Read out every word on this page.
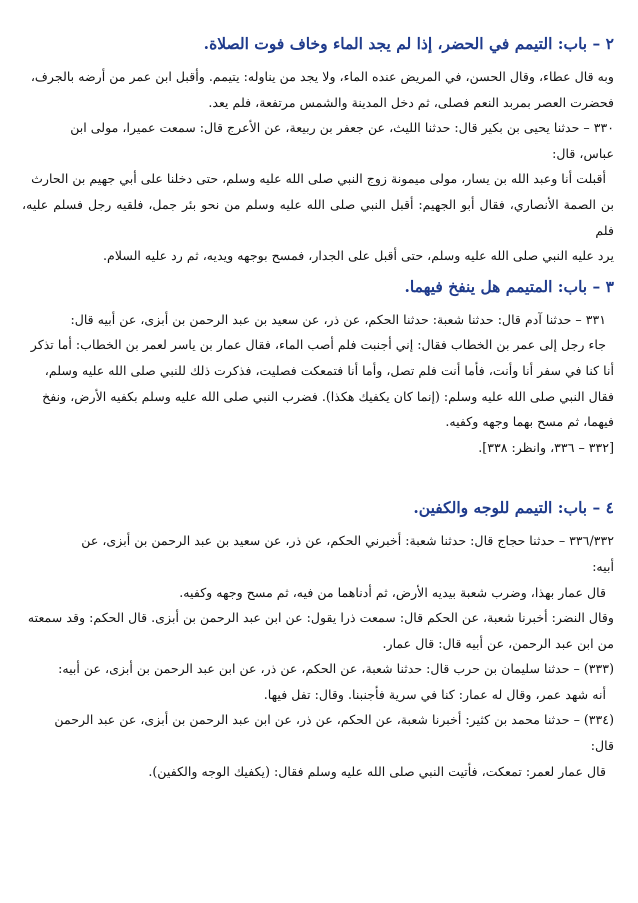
٢ – باب: التيمم في الحضر، إذا لم يجد الماء وخاف فوت الصلاة.

وبه قال عطاء، وقال الحسن، في المريض عنده الماء، ولا يجد من يناوله: يتيمم. وأقبل ابن عمر من أرضه بالجرف،

فحضرت العصر بمربد النعم فصلى، ثم دخل المدينة والشمس مرتفعة، فلم يعد.

٣٣٠ – حدثنا يحيى بن بكير قال: حدثنا الليث، عن جعفر بن ربيعة، عن الأعرج قال: سمعت عميرا، مولى ابن

عباس، قال:

أقبلت أنا وعبد الله بن يسار، مولى ميمونة زوج النبي صلى الله عليه وسلم، حتى دخلنا على أبي جهيم بن الحارث

بن الصمة الأنصاري، فقال أبو الجهيم: أقبل النبي صلى الله عليه وسلم من نحو بئر جمل، فلقيه رجل فسلم عليه، فلم

يرد عليه النبي صلى الله عليه وسلم، حتى أقبل على الجدار، فمسح بوجهه ويديه، ثم رد عليه السلام.

٣ – باب: المتيمم هل ينفخ فيهما.

٣٣١ – حدثنا آدم قال: حدثنا شعبة: حدثنا الحكم، عن ذر، عن سعيد بن عبد الرحمن بن أبزى، عن أبيه قال:

جاء رجل إلى عمر بن الخطاب فقال: إني أجنبت فلم أصب الماء، فقال عمار بن ياسر لعمر بن الخطاب: أما تذكر

أنا كنا في سفر أنا وأنت، فأما أنت فلم تصل، وأما أنا فتمعكت فصليت، فذكرت ذلك للنبي صلى الله عليه وسلم،

فقال النبي صلى الله عليه وسلم: (إنما كان يكفيك هكذا). فضرب النبي صلى الله عليه وسلم بكفيه الأرض، ونفخ

فيهما، ثم مسح بهما وجهه وكفيه.

[٣٣٢ – ٣٣٦، وانظر: ٣٣٨].

٤ – باب: التيمم للوجه والكفين.

٣٣٦/٣٣٢ – حدثنا حجاج قال: حدثنا شعبة: أخبرني الحكم، عن ذر، عن سعيد بن عبد الرحمن بن أبزى، عن

أبيه:

قال عمار بهذا، وضرب شعبة بيديه الأرض، ثم أدناهما من فيه، ثم مسح وجهه وكفيه.

وقال النضر: أخبرنا شعبة، عن الحكم قال: سمعت ذرا يقول: عن ابن عبد الرحمن بن أبزى. قال الحكم: وقد سمعته

من ابن عبد الرحمن، عن أبيه قال: قال عمار.

(٣٣٣) – حدثنا سليمان بن حرب قال: حدثنا شعبة، عن الحكم، عن ذر، عن ابن عبد الرحمن بن أبزى، عن أبيه:

أنه شهد عمر، وقال له عمار: كنا في سرية فأجنبنا. وقال: تفل فيها.

(٣٣٤) – حدثنا محمد بن كثير: أخبرنا شعبة، عن الحكم، عن ذر، عن ابن عبد الرحمن بن أبزى، عن عبد الرحمن

قال:

قال عمار لعمر: تمعكت، فأتيت النبي صلى الله عليه وسلم فقال: (يكفيك الوجه والكفين).
